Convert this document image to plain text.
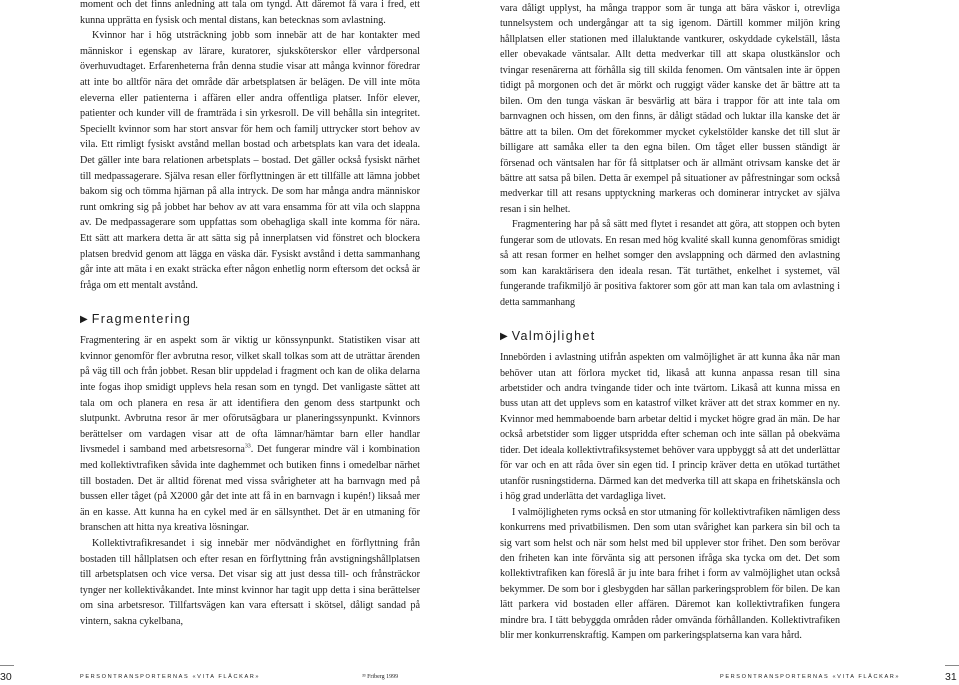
moment och det finns anledning att tala om tyngd. Att däremot få vara i fred, ett kunna upprätta en fysisk och mental distans, kan betecknas som avlastning.

Kvinnor har i hög utsträckning jobb som innebär att de har kontakter med människor i egenskap av lärare, kuratorer, sjuksköterskor eller vårdpersonal överhuvudtaget. Erfarenheterna från denna studie visar att många kvinnor föredrar att inte bo alltför nära det område där arbetsplatsen är belägen. De vill inte möta eleverna eller patienterna i affären eller andra offentliga platser. Inför elever, patienter och kunder vill de framträda i sin yrkesroll. De vill behålla sin integritet. Speciellt kvinnor som har stort ansvar för hem och familj uttrycker stort behov av vila. Ett rimligt fysiskt avstånd mellan bostad och arbetsplats kan vara det ideala. Det gäller inte bara relationen arbetsplats – bostad. Det gäller också fysiskt närhet till medpassagerare. Själva resan eller förflyttningen är ett tillfälle att lämna jobbet bakom sig och tömma hjärnan på alla intryck. De som har många andra människor runt omkring sig på jobbet har behov av att vara ensamma för att vila och slappna av. De medpassagerare som uppfattas som obehagliga skall inte komma för nära. Ett sätt att markera detta är att sätta sig på innerplatsen vid fönstret och blockera platsen bredvid genom att lägga en väska där. Fysiskt avstånd i detta sammanhang går inte att mäta i en exakt sträcka efter någon enhetlig norm eftersom det också är fråga om ett mentalt avstånd.

▶ Fragmentering

Fragmentering är en aspekt som är viktig ur könssynpunkt. Statistiken visar att kvinnor genomför fler avbrutna resor, vilket skall tolkas som att de uträttar ärenden på väg till och från jobbet. Resan blir uppdelad i fragment och kan de olika delarna inte fogas ihop smidigt upplevs hela resan som en tyngd. Det vanligaste sättet att tala om och planera en resa är att identifiera den genom dess startpunkt och slutpunkt. Avbrutna resor är mer oförutsägbara ur planeringssynpunkt. Kvinnors berättelser om vardagen visar att de ofta lämnar/hämtar barn eller handlar livsmedel i samband med arbetsresorna$^{33}$. Det fungerar mindre väl i kombination med kollektivtrafiken såvida inte daghemmet och butiken finns i omedelbar närhet till bostaden. Det är alltid förenat med vissa svårigheter att ha barnvagn med på bussen eller tåget (på X2000 går det inte att få in en barnvagn i kupén!) liksaå mer än en kasse. Att kunna ha en cykel med är en sällsynthet. Det är en utmaning för branschen att hitta nya kreativa lösningar.

Kollektivtrafikresandet i sig innebär mer nödvändighet en förflyttning från bostaden till hållplatsen och efter resan en förflyttning från avstigningshållplatsen till arbetsplatsen och vice versa. Det visar sig att just dessa till- och frånsträckor tynger ner kollektivåkandet. Inte minst kvinnor har tagit upp detta i sina berättelser om sina arbetsresor. Tillfartsvägen kan vara eftersatt i skötsel, dåligt sandad på vintern, sakna cykelbana,

30	PERSONTRANSPORTERNAS «VITA FLÄCKAR»	³³ Friberg 1999

vara dåligt upplyst, ha många trappor som är tunga att bära väskor i, otrevliga tunnelsystem och undergångar att ta sig igenom. Därtill kommer miljön kring hållplatsen eller stationen med illaluktande vantkurer, oskyddade cykelställ, låsta eller obevakade väntsalar. Allt detta medverkar till att skapa olustkänslor och tvingar resenärerna att förhålla sig till skilda fenomen. Om väntsalen inte är öppen tidigt på morgonen och det är mörkt och ruggigt väder kanske det är bättre att ta bilen. Om den tunga väskan är besvärlig att bära i trappor för att inte tala om barnvagnen och hissen, om den finns, är dåligt städad och luktar illa kanske det är bättre att ta bilen. Om det förekommer mycket cykelstölder kanske det till slut är billigare att samåka eller ta den egna bilen. Om tåget eller bussen ständigt är försenad och väntsalen har för få sittplatser och är allmänt otrivsam kanske det är bättre att satsa på bilen. Detta är exempel på situationer av påfrestningar som också medverkar till att resans upptyckning markeras och dominerar intrycket av själva resan i sin helhet.

Fragmentering har på så sätt med flytet i resandet att göra, att stoppen och byten fungerar som de utlovats. En resan med hög kvalité skall kunna genomföras smidigt så att resan former en helhet somger den avslappning och därmed den avlastning som kan karaktärisera den ideala resan. Tät turtäthet, enkelhet i systemet, väl fungerande trafikmiljö är positiva faktorer som gör att man kan tala om avlastning i detta sammanhang

▶ Valmöjlighet

Innebörden i avlastning utifrån aspekten om valmöjlighet är att kunna åka när man behöver utan att förlora mycket tid, likaså att kunna anpassa resan till sina arbetstider och andra tvingande tider och inte tvärtom. Likaså att kunna missa en buss utan att det upplevs som en katastrof vilket kräver att det strax kommer en ny. Kvinnor med hemmaboende barn arbetar deltid i mycket högre grad än män. De har också arbetstider som ligger utspridda efter scheman och inte sällan på obekväma tider. Det ideala kollektivtrafiksystemet behöver vara uppbyggt så att det underlättar för var och en att råda över sin egen tid. I princip kräver detta en utökad turtäthet utanför rusningstiderna. Därmed kan det medverka till att skapa en frihetskänsla och i hög grad underlätta det vardagliga livet.

I valmöjligheten ryms också en stor utmaning för kollektivtrafiken nämligen dess konkurrens med privatbilismen. Den som utan svårighet kan parkera sin bil och ta sig vart som helst och när som helst med bil upplever stor frihet. Den som berövar den friheten kan inte förvänta sig att personen ifråga ska tycka om det. Det som kollektivtrafiken kan föreslå är ju inte bara frihet i form av valmöjlighet utan också bekymmer. De som bor i glesbygden har sällan parkeringsproblem för bilen. De kan lätt parkera vid bostaden eller affären. Däremot kan kollektivtrafiken fungera mindre bra. I tätt bebyggda områden råder omvända förhållanden. Kollektivtrafiken blir mer konkurrenskraftig. Kampen om parkeringsplatserna kan vara hård.

PERSONTRANSPORTERNAS «VITA FLÄCKAR»	31
